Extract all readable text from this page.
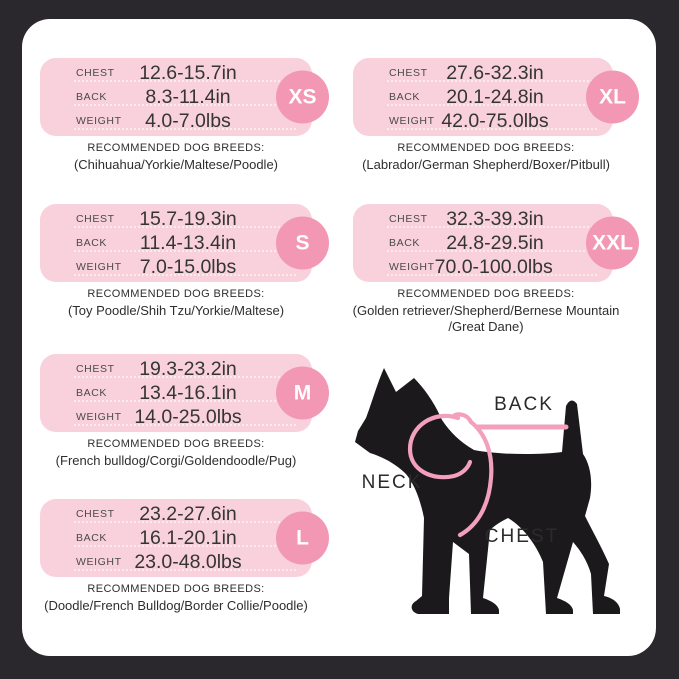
CHEST	12.6-15.7in
BACK	8.3-11.4in
WEIGHT	4.0-7.0lbs
XS
RECOMMENDED DOG BREEDS:
(Chihuahua/Yorkie/Maltese/Poodle)
CHEST	15.7-19.3in
BACK	11.4-13.4in
WEIGHT 7.0-15.0lbs
S
RECOMMENDED DOG BREEDS:
(Toy Poodle/Shih Tzu/Yorkie/Maltese)
CHEST	19.3-23.2in
BACK	13.4-16.1in
WEIGHT 14.0-25.0lbs
M
RECOMMENDED DOG BREEDS:
(French bulldog/Corgi/Goldendoodle/Pug)
CHEST	23.2-27.6in
BACK	16.1-20.1in
WEIGHT 23.0-48.0lbs
L
RECOMMENDED DOG BREEDS:
(Doodle/French Bulldog/Border Collie/Poodle)
CHEST 27.6-32.3in
BACK	20.1-24.8in
WEIGHT 42.0-75.0lbs
XL
RECOMMENDED DOG BREEDS:
(Labrador/German Shepherd/Boxer/Pitbull)
CHEST 32.3-39.3in
BACK	24.8-29.5in
WEIGHT 70.0-100.0lbs
XXL
RECOMMENDED DOG BREEDS:
(Golden retriever/Shepherd/Bernese Mountain /Great Dane)
BACK
NECK
CHEST
